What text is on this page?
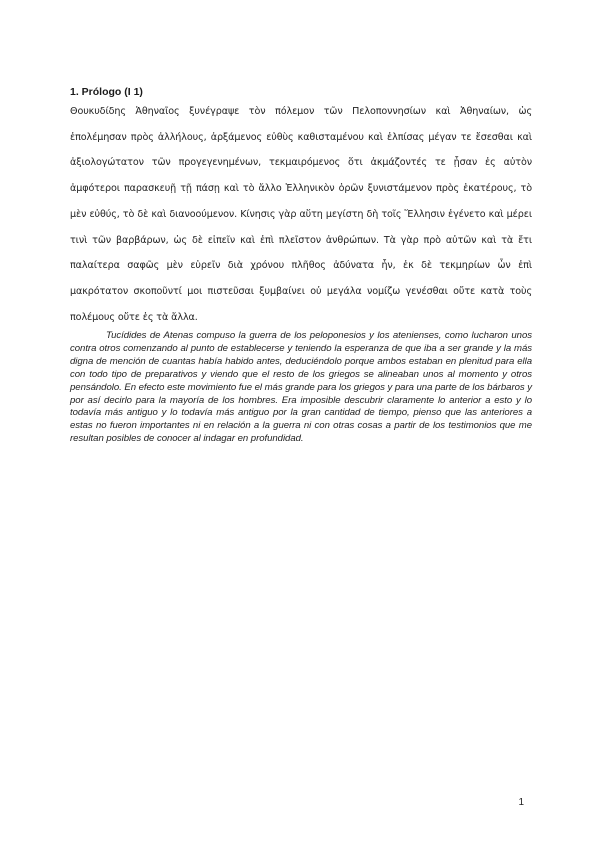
1. Prólogo (I 1)

Θουκυδίδης Ἀθηναῖος ξυνέγραψε τὸν πόλεμον τῶν Πελοποννησίων καὶ Ἀθηναίων, ὡς ἐπολέμησαν πρὸς ἀλλήλους, ἀρξάμενος εὐθὺς καθισταμένου καὶ ἐλπίσας μέγαν τε ἔσεσθαι καὶ ἀξιολογώτατον τῶν προγεγενημένων, τεκμαιρόμενος ὅτι ἀκμάζοντές τε ᾖσαν ἐς αὐτὸν ἀμφότεροι παρασκευῇ τῇ πάσῃ καὶ τὸ ἄλλο Ἑλληνικὸν ὁρῶν ξυνιστάμενον πρὸς ἑκατέρους, τὸ μὲν εὐθύς, τὸ δὲ καὶ διανοούμενον. Κίνησις γὰρ αὕτη μεγίστη δὴ τοῖς Ἕλλησιν ἐγένετο καὶ μέρει τινὶ τῶν βαρβάρων, ὡς δὲ εἰπεῖν καὶ ἐπὶ πλεῖστον ἀνθρώπων. Τὰ γὰρ πρὸ αὐτῶν καὶ τὰ ἔτι παλαίτερα σαφῶς μὲν εὑρεῖν διὰ χρόνου πλῆθος ἀδύνατα ἦν, ἐκ δὲ τεκμηρίων ὧν ἐπὶ μακρότατον σκοποῦντί μοι πιστεῦσαι ξυμβαίνει οὐ μεγάλα νομίζω γενέσθαι οὔτε κατὰ τοὺς πολέμους οὔτε ἐς τὰ ἄλλα.

Tucídides de Atenas compuso la guerra de los peloponesios y los atenienses, como lucharon unos contra otros comenzando al punto de establecerse y teniendo la esperanza de que iba a ser grande y la más digna de mención de cuantas había habido antes, deduciéndolo porque ambos estaban en plenitud para ella con todo tipo de preparativos y viendo que el resto de los griegos se alineaban unos al momento y otros pensándolo. En efecto este movimiento fue el más grande para los griegos y para una parte de los bárbaros y por así decirlo para la mayoría de los hombres. Era imposible descubrir claramente lo anterior a esto y lo todavía más antiguo y lo todavía más antiguo por la gran cantidad de tiempo, pienso que las anteriores a estas no fueron importantes ni en relación a la guerra ni con otras cosas a partir de los testimonios que me resultan posibles de conocer al indagar en profundidad.

1
